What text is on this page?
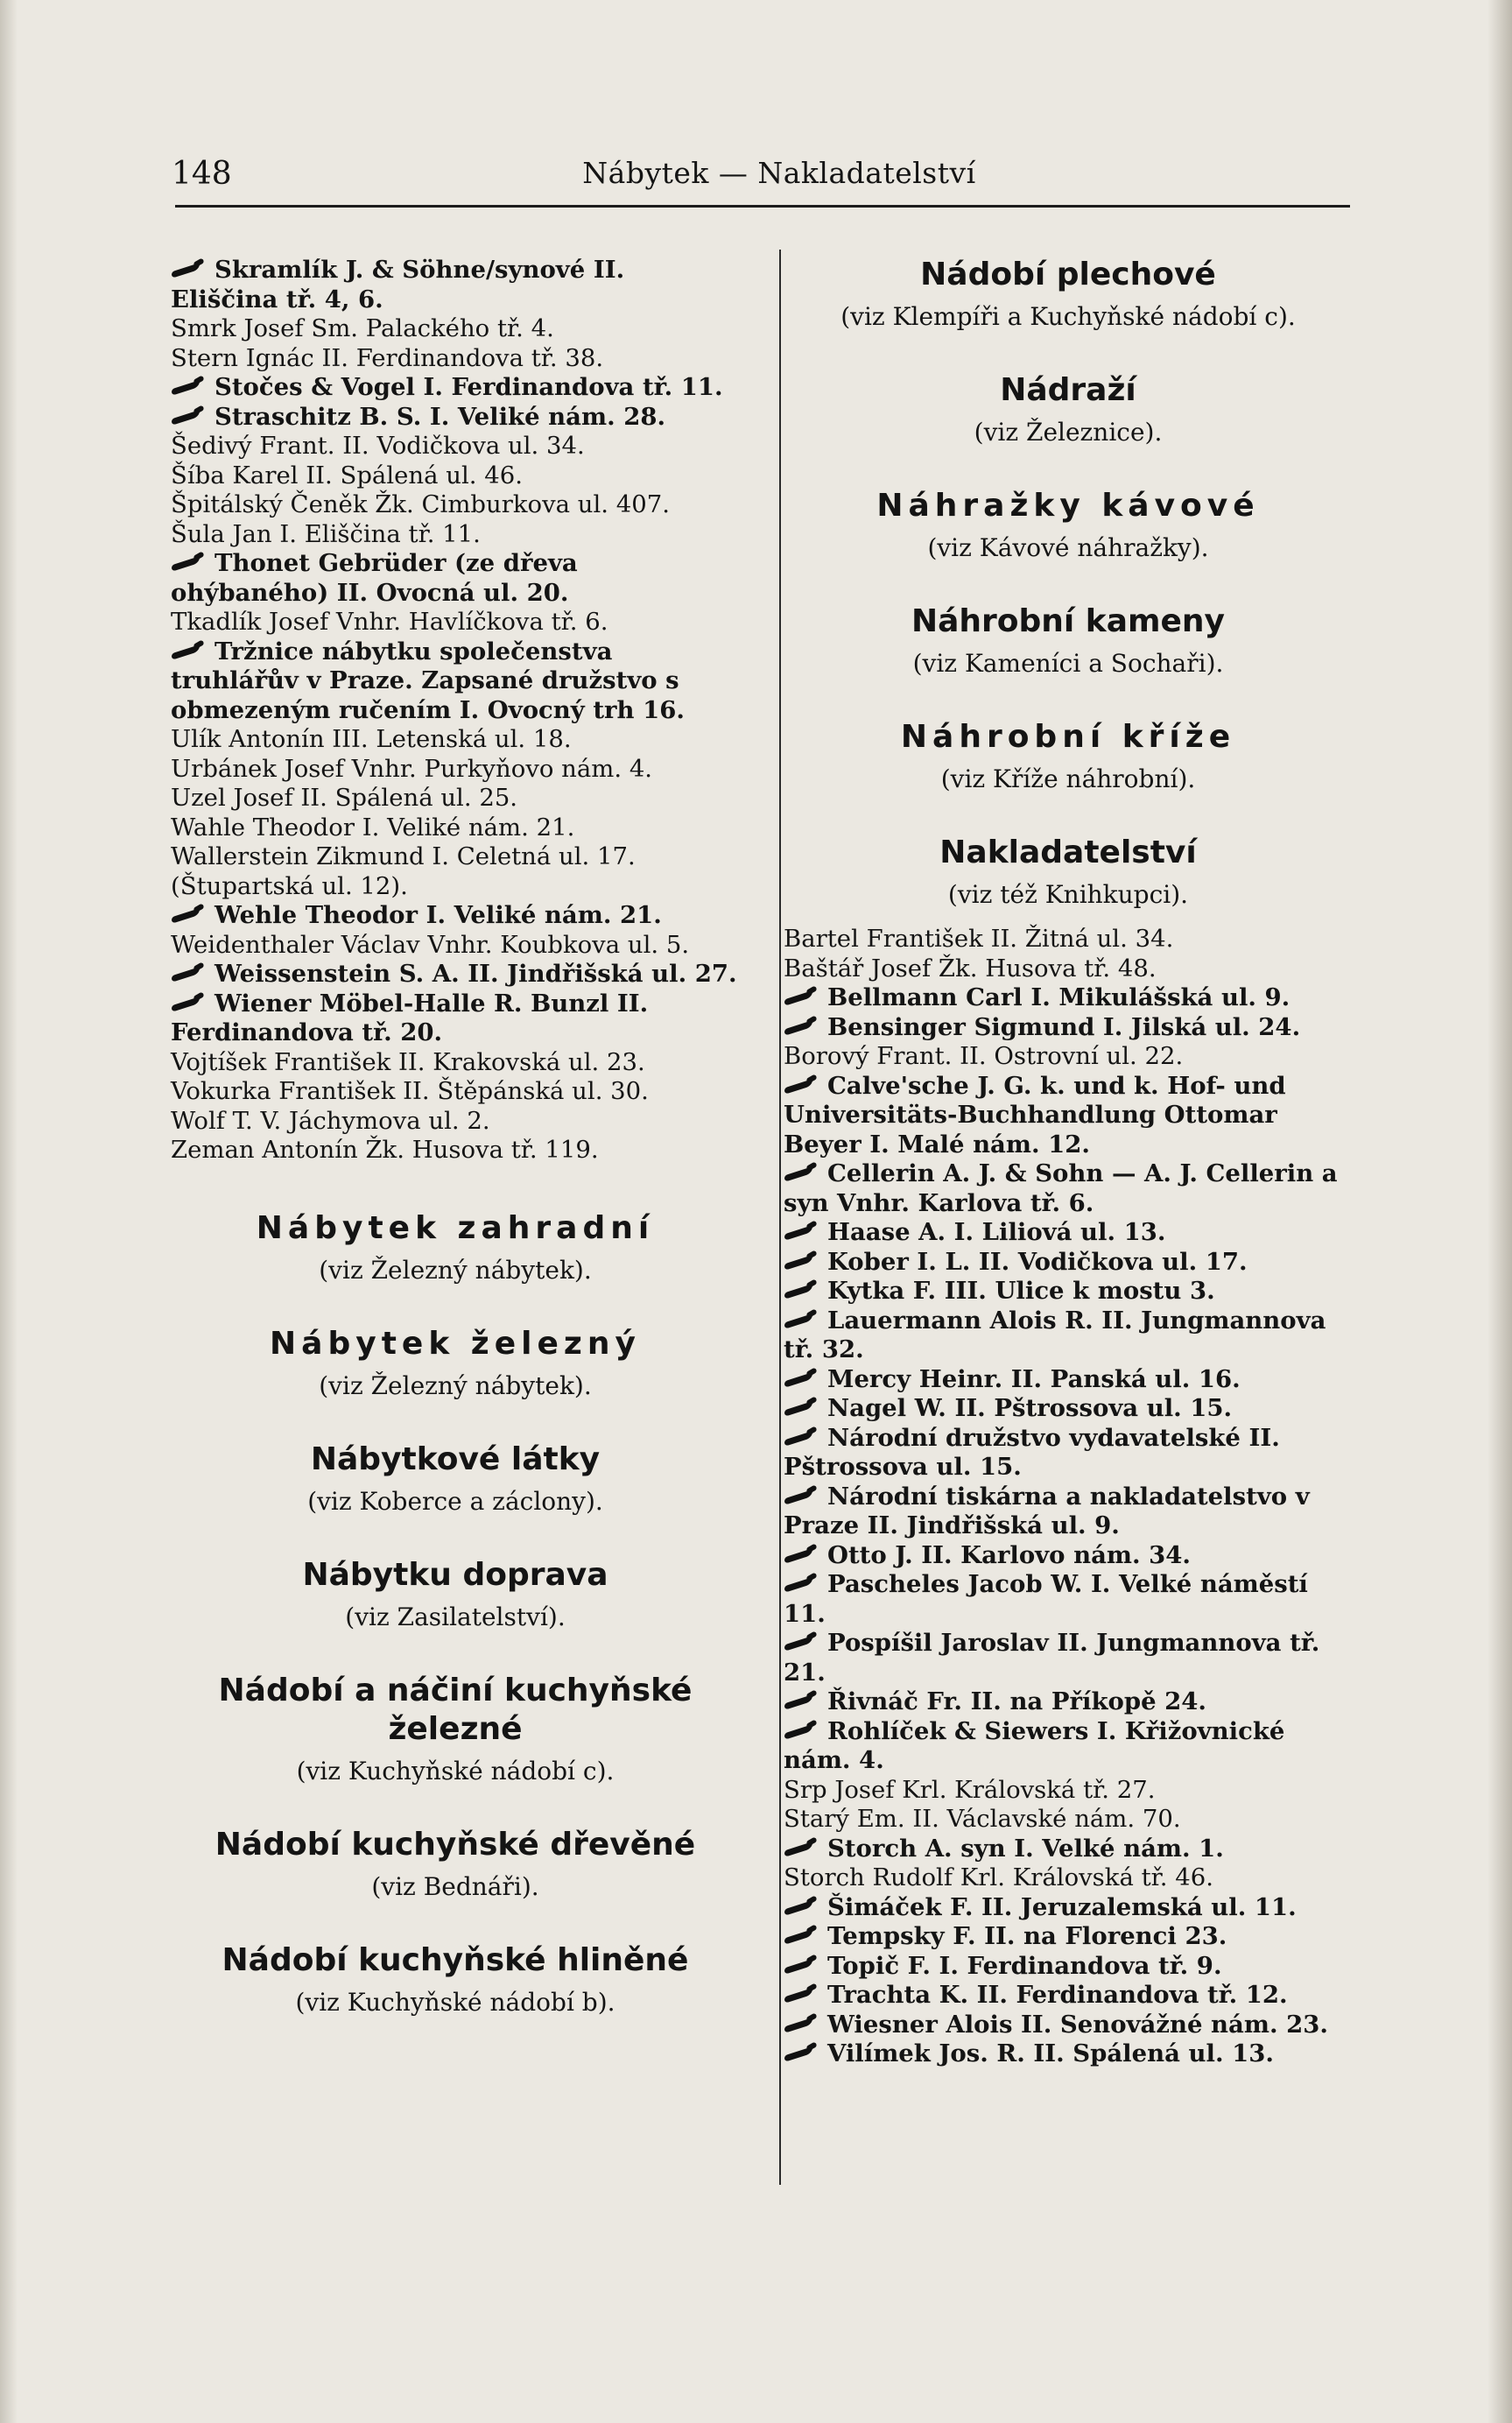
148	Nábytek — Nakladatelství
Skramlík J. & Söhne/synové II. Eliščina tř. 4, 6.
Smrk Josef Sm. Palackého tř. 4.
Stern Ignác II. Ferdinandova tř. 38.
Stočes & Vogel I. Ferdinandova tř. 11.
Straschitz B. S. I. Veliké nám. 28.
Šedivý Frant. II. Vodičkova ul. 34.
Šíba Karel II. Spálená ul. 46.
Špitálský Čeněk Žk. Cimburkova ul. 407.
Šula Jan I. Eliščina tř. 11.
Thonet Gebrüder (ze dřeva ohýbaného) II. Ovocná ul. 20.
Tkadlík Josef Vnhr. Havlíčkova tř. 6.
Tržnice nábytku společenstva truhlářův v Praze. Zapsané družstvo s obmezeným ručením I. Ovocný trh 16.
Ulík Antonín III. Letenská ul. 18.
Urbánek Josef Vnhr. Purkyňovo nám. 4.
Uzel Josef II. Spálená ul. 25.
Wahle Theodor I. Veliké nám. 21.
Wallerstein Zikmund I. Celetná ul. 17. (Štupartská ul. 12).
Wehle Theodor I. Veliké nám. 21.
Weidenthaler Václav Vnhr. Koubkova ul. 5.
Weissenstein S. A. II. Jindřišská ul. 27.
Wiener Möbel-Halle R. Bunzl II. Ferdinandova tř. 20.
Vojtíšek František II. Krakovská ul. 23.
Vokurka František II. Štěpánská ul. 30.
Wolf T. V. Jáchymova ul. 2.
Zeman Antonín Žk. Husova tř. 119.
Nábytek zahradní
(viz Železný nábytek).
Nábytek železný
(viz Železný nábytek).
Nábytkové látky
(viz Koberce a záclony).
Nábytku doprava
(viz Zasilatelství).
Nádobí a náčiní kuchyňské železné
(viz Kuchyňské nádobí c).
Nádobí kuchyňské dřevěné
(viz Bednáři).
Nádobí kuchyňské hliněné
(viz Kuchyňské nádobí b).
Nádobí plechové
(viz Klempíři a Kuchyňské nádobí c).
Nádraží
(viz Železnice).
Náhražky kávové
(viz Kávové náhražky).
Náhrobní kameny
(viz Kameníci a Sochaři).
Náhrobní kříže
(viz Kříže náhrobní).
Nakladatelství
(viz též Knihkupci).
Bartel František II. Žitná ul. 34.
Baštář Josef Žk. Husova tř. 48.
Bellmann Carl I. Mikulášská ul. 9.
Bensinger Sigmund I. Jilská ul. 24.
Borový Frant. II. Ostrovní ul. 22.
Calve'sche J. G. k. und k. Hof- und Universitäts-Buchhandlung Ottomar Beyer I. Malé nám. 12.
Cellerin A. J. & Sohn — A. J. Cellerin a syn Vnhr. Karlova tř. 6.
Haase A. I. Liliová ul. 13.
Kober I. L. II. Vodičkova ul. 17.
Kytka F. III. Ulice k mostu 3.
Lauermann Alois R. II. Jungmannova tř. 32.
Mercy Heinr. II. Panská ul. 16.
Nagel W. II. Pštrossova ul. 15.
Národní družstvo vydavatelské II. Pštrossova ul. 15.
Národní tiskárna a nakladatelstvo v Praze II. Jindřišská ul. 9.
Otto J. II. Karlovo nám. 34.
Pascheles Jacob W. I. Velké náměstí 11.
Pospíšil Jaroslav II. Jungmannova tř. 21.
Řivnáč Fr. II. na Příkopě 24.
Rohlíček & Siewers I. Křižovnické nám. 4.
Srp Josef Krl. Královská tř. 27.
Starý Em. II. Václavské nám. 70.
Storch A. syn I. Velké nám. 1.
Storch Rudolf Krl. Královská tř. 46.
Šimáček F. II. Jeruzalemská ul. 11.
Tempsky F. II. na Florenci 23.
Topič F. I. Ferdinandova tř. 9.
Trachta K. II. Ferdinandova tř. 12.
Wiesner Alois II. Senovážné nám. 23.
Vilímek Jos. R. II. Spálená ul. 13.
